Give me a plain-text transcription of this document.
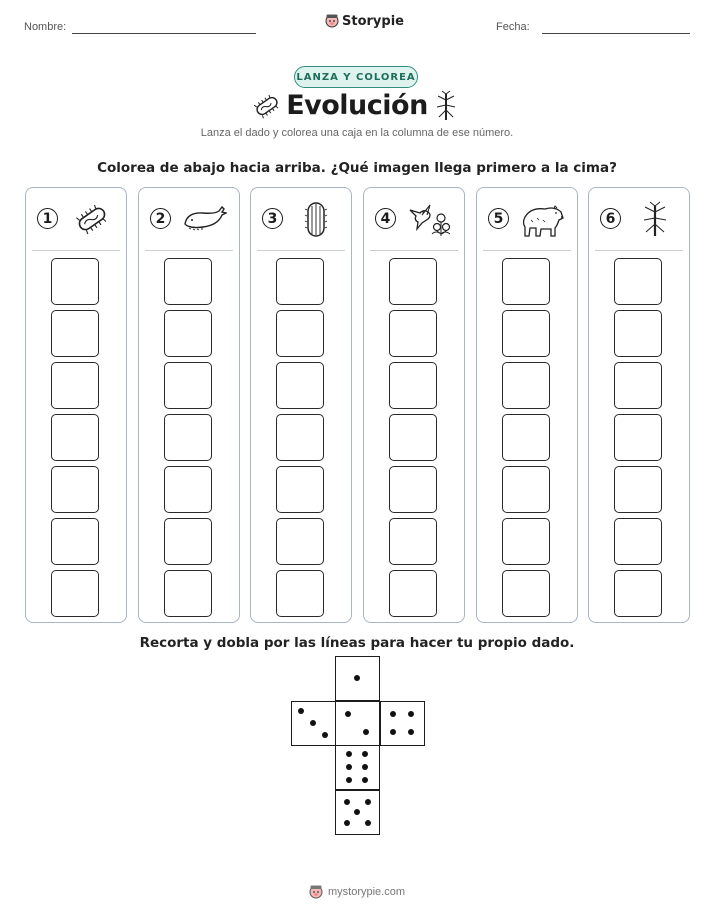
Nombre:	Storypie	Fecha:
LANZA Y COLOREA
Evolución
Lanza el dado y colorea una caja en la columna de ese número.
Colorea de abajo hacia arriba. ¿Qué imagen llega primero a la cima?
1	2	3	4	5	6
Recorta y dobla por las líneas para hacer tu propio dado.
mystorypie.com
